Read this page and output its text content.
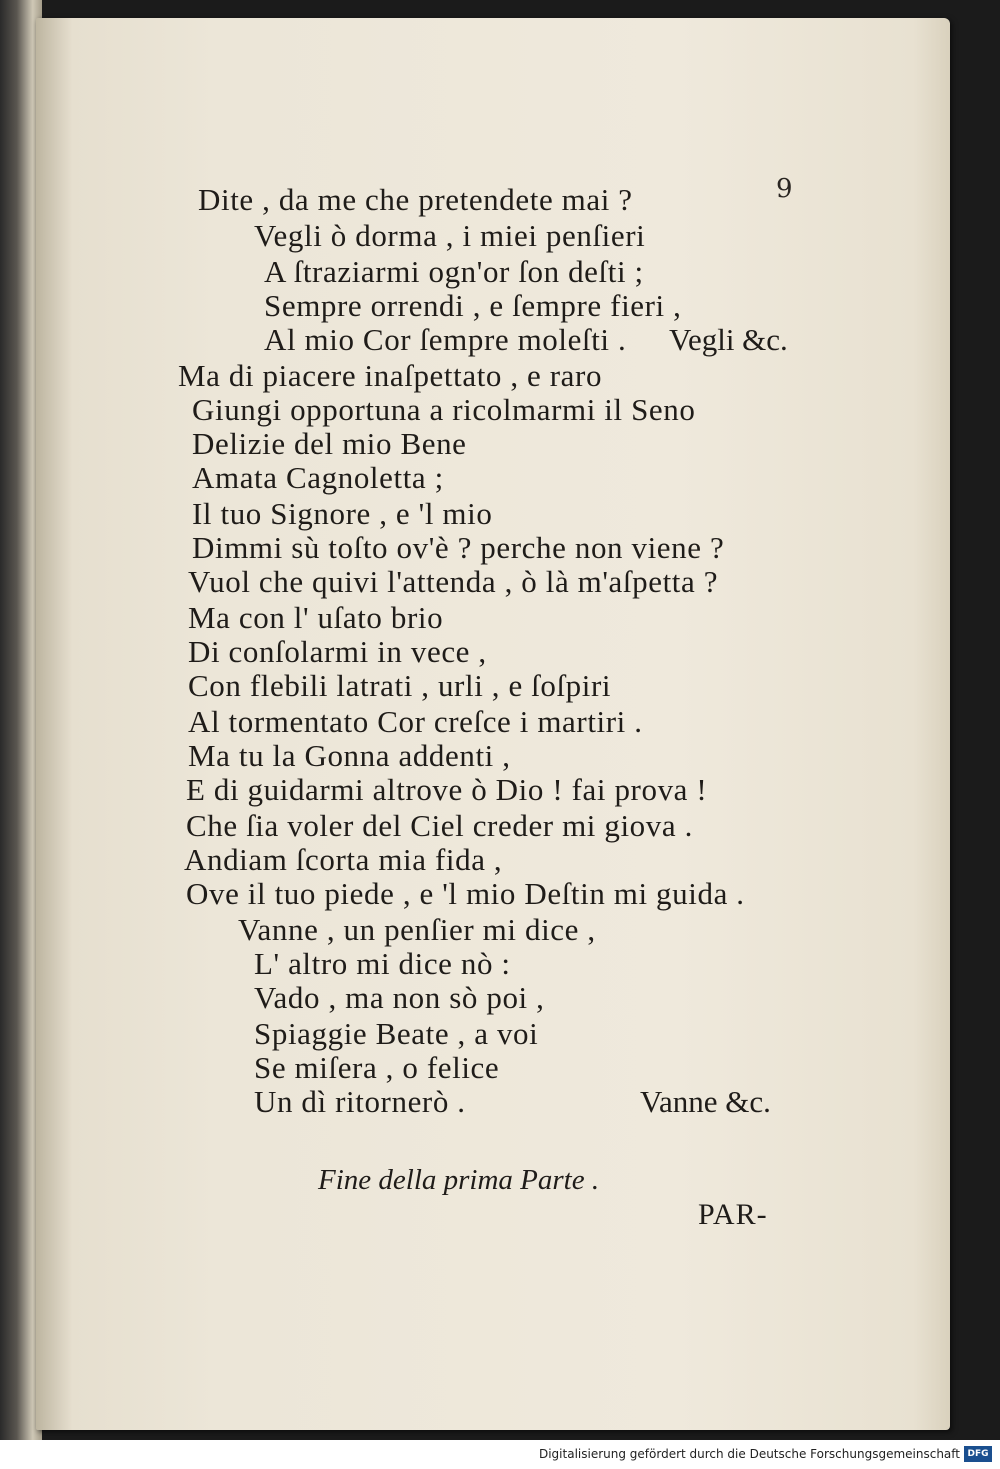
9
Dite , da me che pretendete mai ?
Vegli ò dorma , i miei penſieri
A ſtraziarmi ogn'or ſon deſti ;
Sempre orrendi , e ſempre fieri ,
Al mio Cor ſempre moleſti . Vegli &c.
Ma di piacere inaſpettato , e raro
Giungi opportuna a ricolmarmi il Seno
Delizie del mio Bene
Amata Cagnoletta ;
Il tuo Signore , e 'l mio
Dimmi sù toſto ov'è ? perche non viene ?
Vuol che quivi l'attenda , ò là m'aſpetta ?
Ma con l' uſato brio
Di conſolarmi in vece ,
Con flebili latrati , urli , e ſoſpiri
Al tormentato Cor creſce i martiri .
Ma tu la Gonna addenti ,
E di guidarmi altrove ò Dio ! fai prova !
Che ſia voler del Ciel creder mi giova .
Andiam ſcorta mia fida ,
Ove il tuo piede , e 'l mio Deſtin mi guida .
Vanne , un penſier mi dice ,
L' altro mi dice nò :
Vado , ma non sò poi ,
Spiaggie Beate , a voi
Se miſera , o felice
Un dì ritornerò .	Vanne &c.
Fine della prima Parte .
PAR-
Digitalisierung gefördert durch die Deutsche Forschungsgemeinschaft DFG
